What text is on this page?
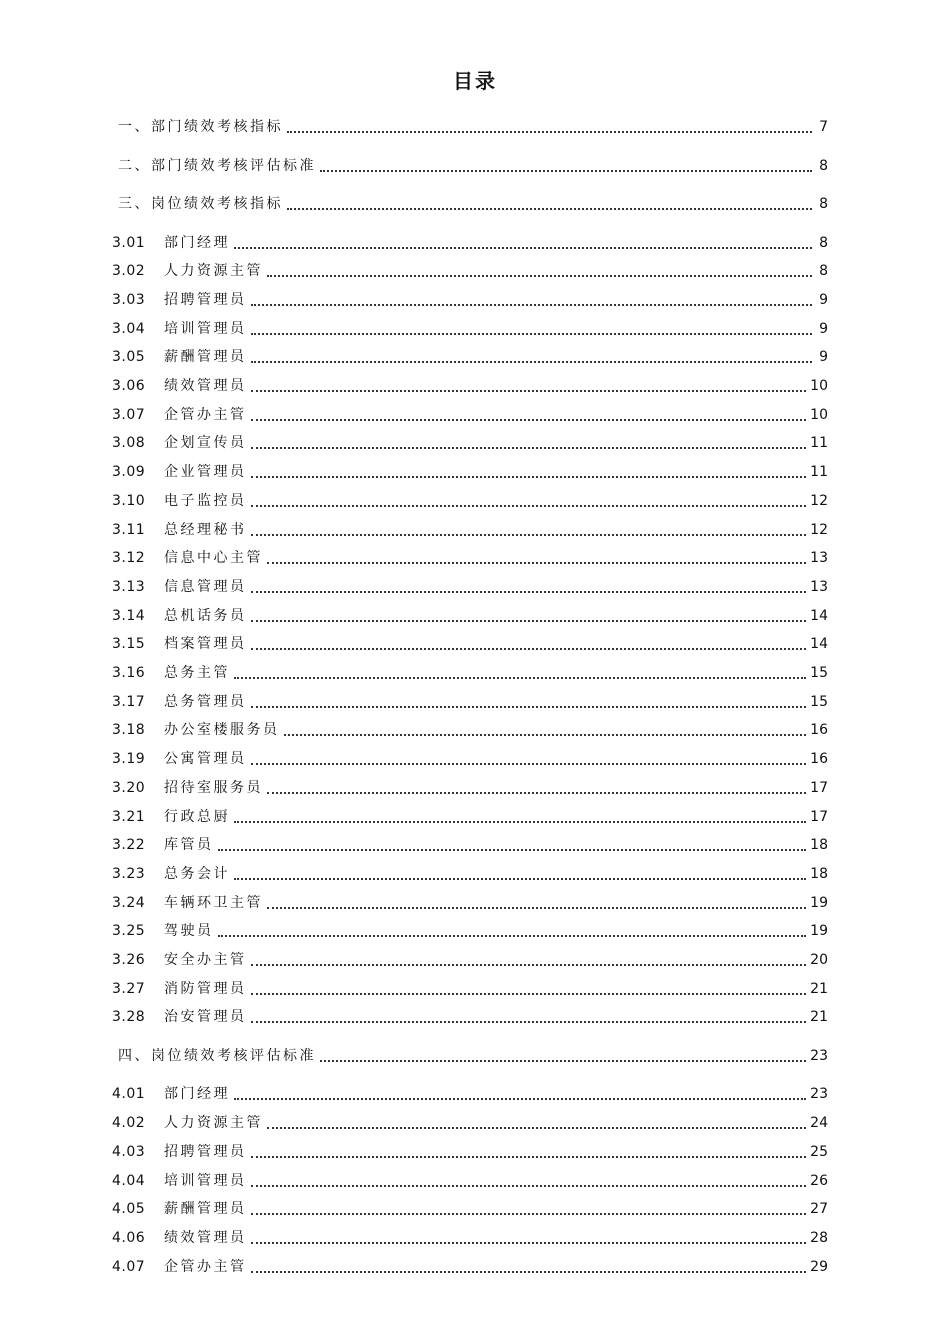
目录
一、部门绩效考核指标	7
二、部门绩效考核评估标准	8
三、岗位绩效考核指标	8
3.01	部门经理	8
3.02	人力资源主管	8
3.03	招聘管理员	9
3.04	培训管理员	9
3.05	薪酬管理员	9
3.06	绩效管理员	10
3.07	企管办主管	10
3.08	企划宣传员	11
3.09	企业管理员	11
3.10	电子监控员	12
3.11	总经理秘书	12
3.12	信息中心主管	13
3.13	信息管理员	13
3.14	总机话务员	14
3.15	档案管理员	14
3.16	总务主管	15
3.17	总务管理员	15
3.18	办公室楼服务员	16
3.19	公寓管理员	16
3.20	招待室服务员	17
3.21	行政总厨	17
3.22	库管员	18
3.23	总务会计	18
3.24	车辆环卫主管	19
3.25	驾驶员	19
3.26	安全办主管	20
3.27	消防管理员	21
3.28	治安管理员	21
四、岗位绩效考核评估标准	23
4.01	部门经理	23
4.02	人力资源主管	24
4.03	招聘管理员	25
4.04	培训管理员	26
4.05	薪酬管理员	27
4.06	绩效管理员	28
4.07	企管办主管	29
